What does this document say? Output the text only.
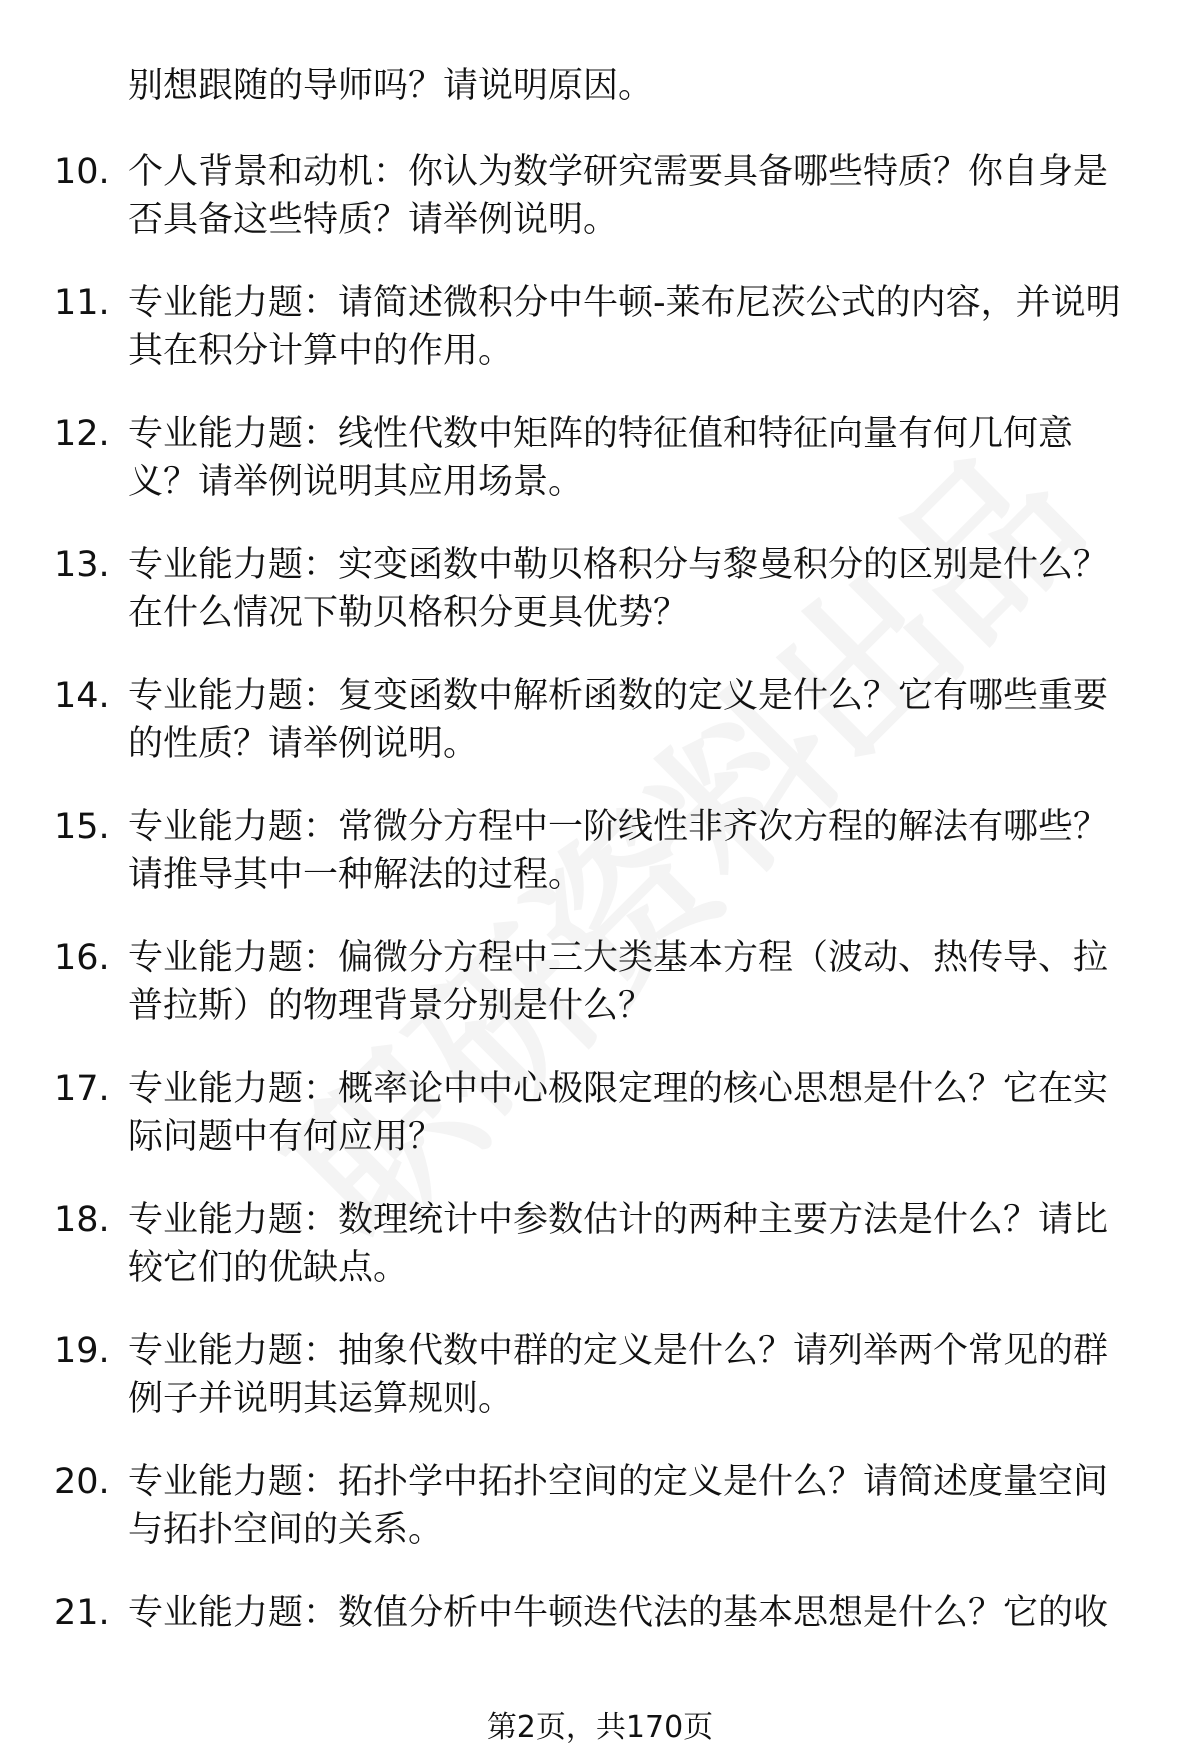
别想跟随的导师吗？请说明原因。
10. 个人背景和动机：你认为数学研究需要具备哪些特质？你自身是
否具备这些特质？请举例说明。
11. 专业能力题：请简述微积分中牛顿-莱布尼茨公式的内容，并说明
其在积分计算中的作用。
12. 专业能力题：线性代数中矩阵的特征值和特征向量有何几何意
义？请举例说明其应用场景。
13. 专业能力题：实变函数中勒贝格积分与黎曼积分的区别是什么？
在什么情况下勒贝格积分更具优势？
14. 专业能力题：复变函数中解析函数的定义是什么？它有哪些重要
的性质？请举例说明。
15. 专业能力题：常微分方程中一阶线性非齐次方程的解法有哪些？
请推导其中一种解法的过程。
16. 专业能力题：偏微分方程中三大类基本方程（波动、热传导、拉
普拉斯）的物理背景分别是什么？
17. 专业能力题：概率论中中心极限定理的核心思想是什么？它在实
际问题中有何应用？
18. 专业能力题：数理统计中参数估计的两种主要方法是什么？请比
较它们的优缺点。
19. 专业能力题：抽象代数中群的定义是什么？请列举两个常见的群
例子并说明其运算规则。
20. 专业能力题：拓扑学中拓扑空间的定义是什么？请简述度量空间
与拓扑空间的关系。
21. 专业能力题：数值分析中牛顿迭代法的基本思想是什么？它的收
第2页，共170页
